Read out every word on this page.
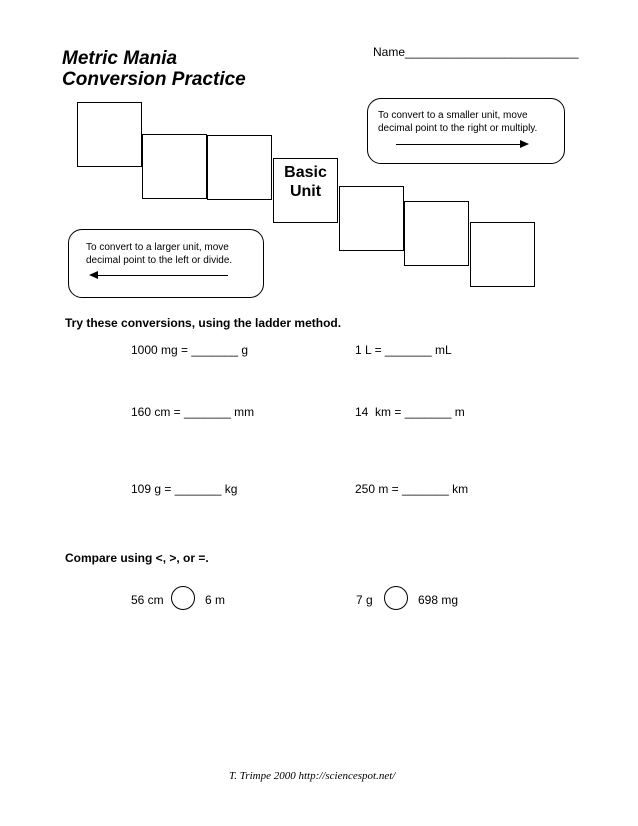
Metric Mania
Conversion Practice
Name__________________________
Basic
Unit
To convert to a smaller unit, move
decimal point to the right or multiply.
To convert to a larger unit, move
decimal point to the left or divide.
Try these conversions, using the ladder method.
1000 mg = _______ g	1 L = _______ mL
160 cm = _______ mm	14  km = _______ m
109 g = _______ kg	250 m = _______ km
Compare using <, >, or =.
56 cm	6 m	7 g	698 mg
T. Trimpe 2000 http://sciencespot.net/
